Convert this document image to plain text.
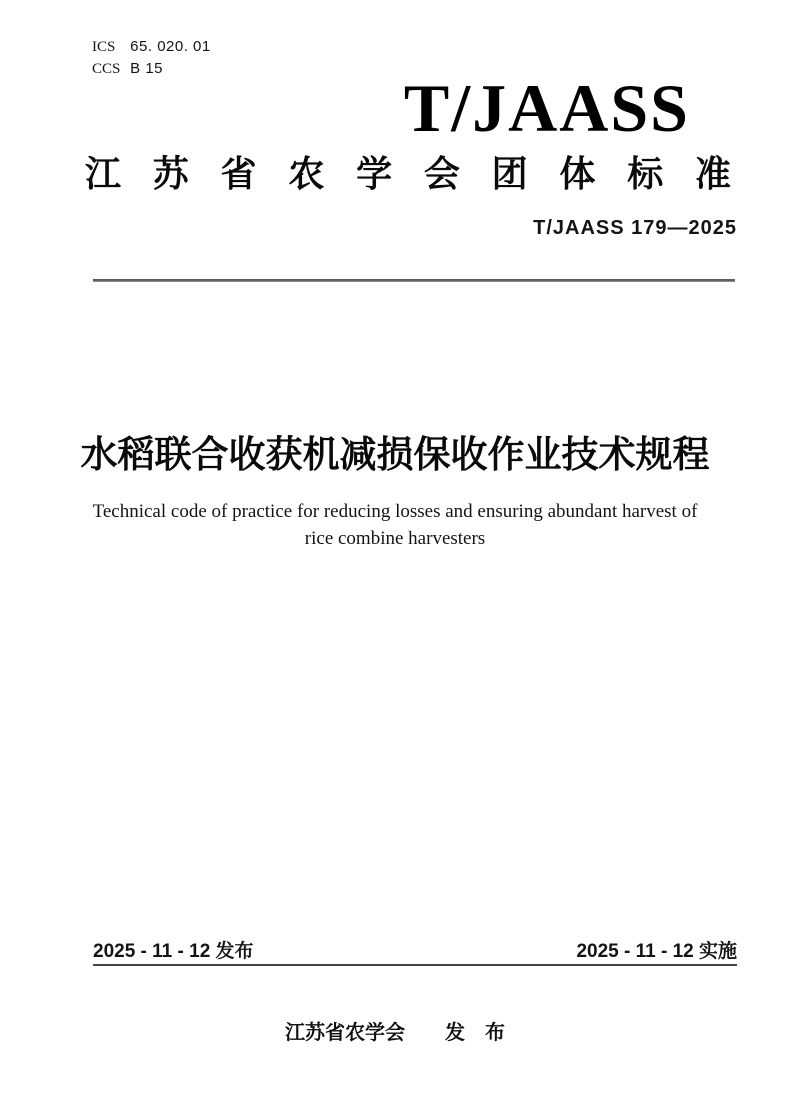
ICS 65. 020. 01
CCS B 15
T/JAASS
江苏省农学会团体标准
T/JAASS 179—2025
水稻联合收获机减损保收作业技术规程
Technical code of practice for reducing losses and ensuring abundant harvest of rice combine harvesters
2025 - 11 - 12 发布	2025 - 11 - 12 实施
江苏省农学会　　发　布
